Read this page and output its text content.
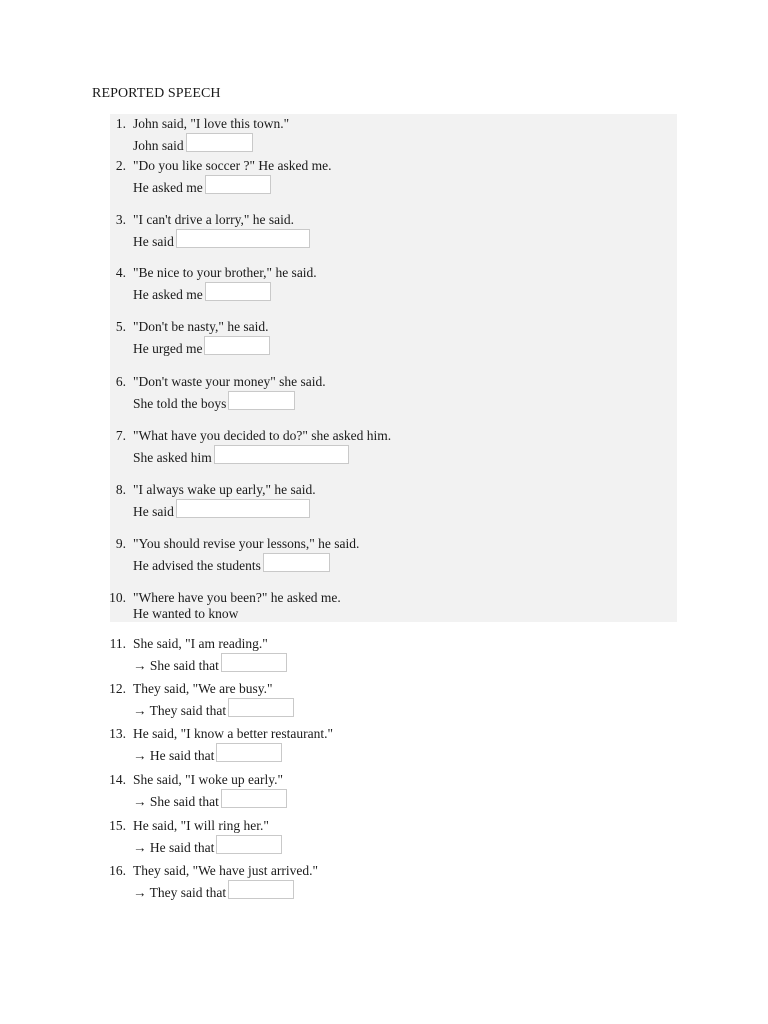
REPORTED SPEECH
1. John said, "I love this town."
John said
2. "Do you like soccer ?" He asked me.
He asked me
3. "I can't drive a lorry," he said.
He said
4. "Be nice to your brother," he said.
He asked me
5. "Don't be nasty," he said.
He urged me
6. "Don't waste your money" she said.
She told the boys
7. "What have you decided to do?" she asked him.
She asked him
8. "I always wake up early," he said.
He said
9. "You should revise your lessons," he said.
He advised the students
10. "Where have you been?" he asked me.
He wanted to know
11. She said, "I am reading."
→ She said that
12. They said, "We are busy."
→ They said that
13. He said, "I know a better restaurant."
→ He said that
14. She said, "I woke up early."
→ She said that
15. He said, "I will ring her."
→ He said that
16. They said, "We have just arrived."
→ They said that
